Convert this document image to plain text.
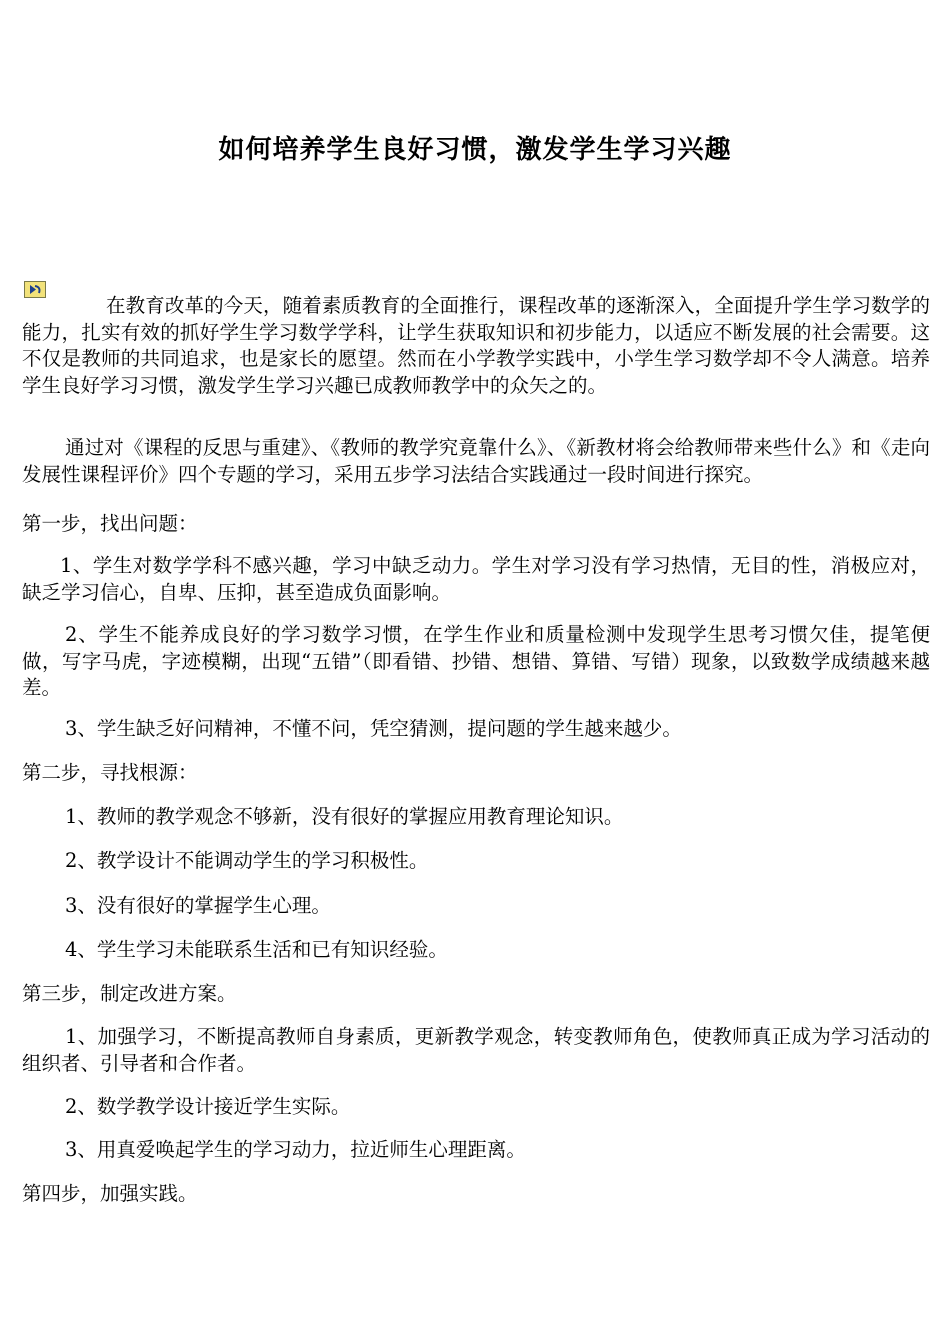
如何培养学生良好习惯，激发学生学习兴趣

在教育改革的今天，随着素质教育的全面推行，课程改革的逐渐深入，全面提升学生学习数学的能力，扎实有效的抓好学生学习数学学科，让学生获取知识和初步能力，以适应不断发展的社会需要。这不仅是教师的共同追求，也是家长的愿望。然而在小学教学实践中，小学生学习数学却不令人满意。培养学生良好学习习惯，激发学生学习兴趣已成教师教学中的众矢之的。

通过对《课程的反思与重建》、《教师的教学究竟靠什么》、《新教材将会给教师带来些什么》和《走向发展性课程评价》四个专题的学习，采用五步学习法结合实践通过一段时间进行探究。

第一步，找出问题：

1、学生对数学学科不感兴趣，学习中缺乏动力。学生对学习没有学习热情，无目的性，消极应对，缺乏学习信心，自卑、压抑，甚至造成负面影响。

2、学生不能养成良好的学习数学习惯，在学生作业和质量检测中发现学生思考习惯欠佳，提笔便做，写字马虎，字迹模糊，出现“五错”（即看错、抄错、想错、算错、写错）现象，以致数学成绩越来越差。

3、学生缺乏好问精神，不懂不问，凭空猜测，提问题的学生越来越少。

第二步，寻找根源：

1、教师的教学观念不够新，没有很好的掌握应用教育理论知识。

2、教学设计不能调动学生的学习积极性。

3、没有很好的掌握学生心理。

4、学生学习未能联系生活和已有知识经验。

第三步，制定改进方案。

1、加强学习，不断提高教师自身素质，更新教学观念，转变教师角色，使教师真正成为学习活动的组织者、引导者和合作者。

2、数学教学设计接近学生实际。

3、用真爱唤起学生的学习动力，拉近师生心理距离。

第四步，加强实践。
